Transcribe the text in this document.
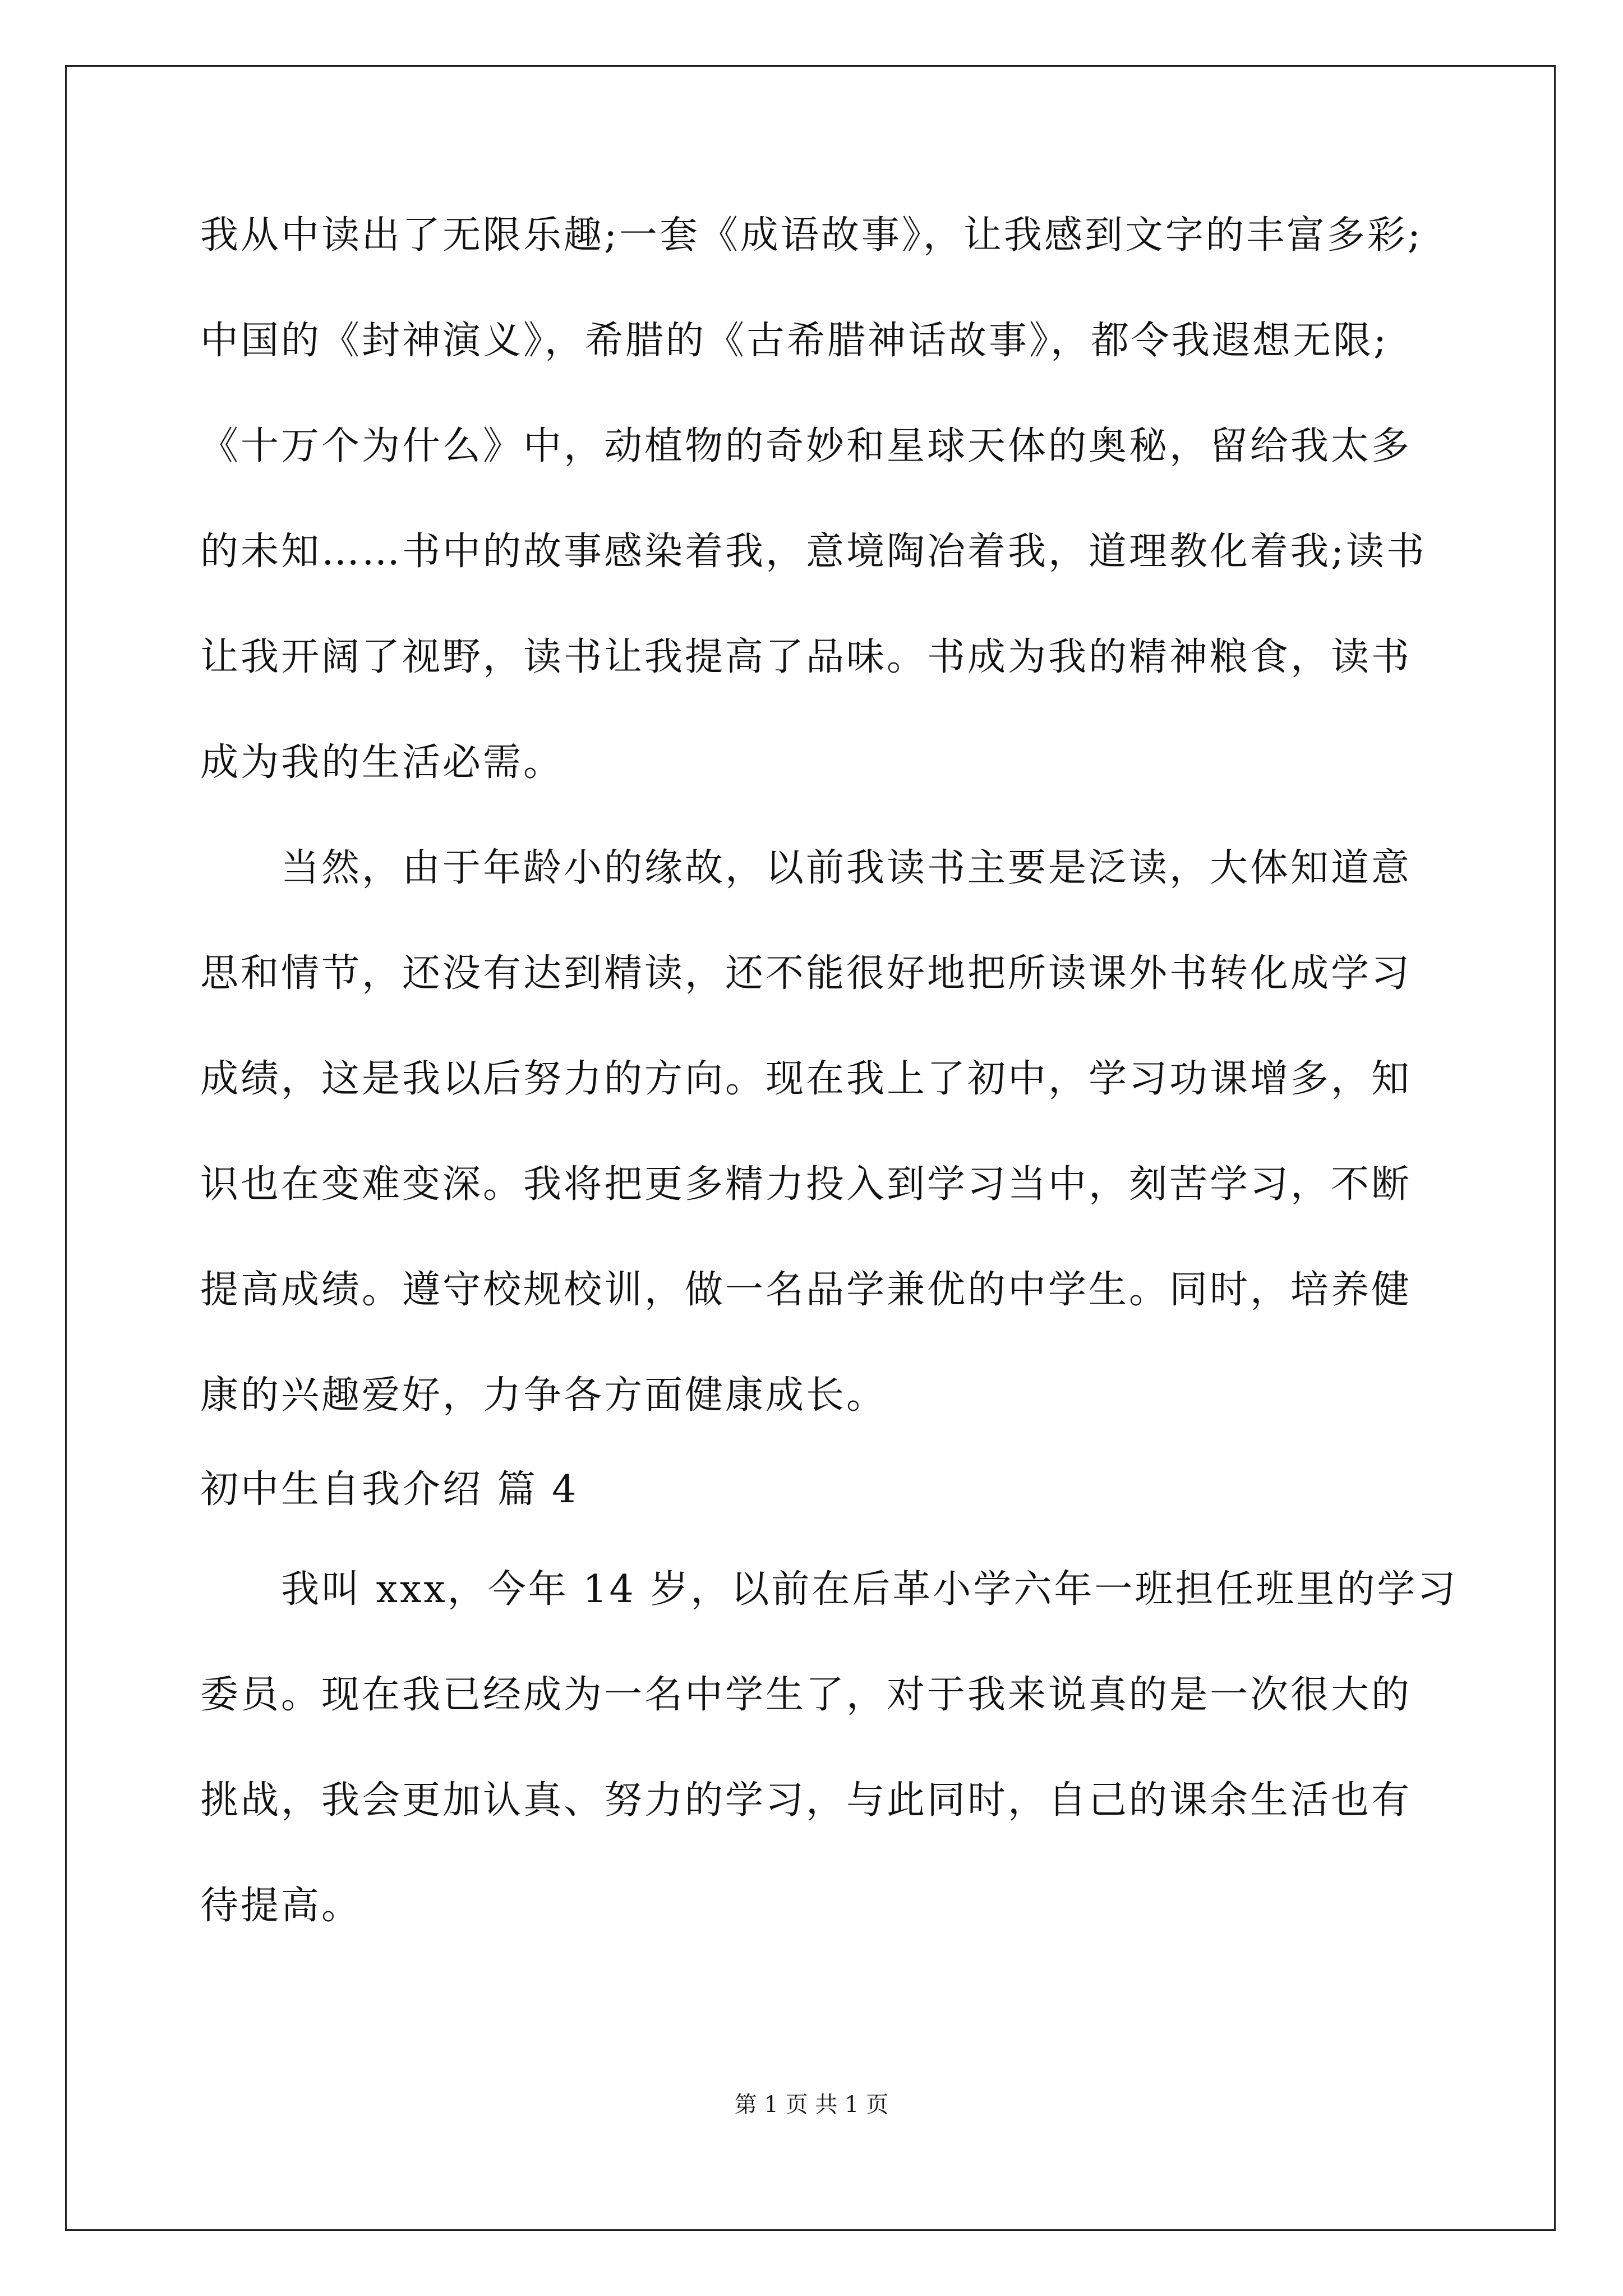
我从中读出了无限乐趣;一套《成语故事》，让我感到文字的丰富多彩;
中国的《封神演义》，希腊的《古希腊神话故事》，都令我遐想无限;
《十万个为什么》中，动植物的奇妙和星球天体的奥秘，留给我太多
的未知……书中的故事感染着我，意境陶冶着我，道理教化着我;读书
让我开阔了视野，读书让我提高了品味。书成为我的精神粮食，读书
成为我的生活必需。
当然，由于年龄小的缘故，以前我读书主要是泛读，大体知道意
思和情节，还没有达到精读，还不能很好地把所读课外书转化成学习
成绩，这是我以后努力的方向。现在我上了初中，学习功课增多，知
识也在变难变深。我将把更多精力投入到学习当中，刻苦学习，不断
提高成绩。遵守校规校训，做一名品学兼优的中学生。同时，培养健
康的兴趣爱好，力争各方面健康成长。
初中生自我介绍 篇 4
我叫 xxx，今年 14 岁，以前在后革小学六年一班担任班里的学习
委员。现在我已经成为一名中学生了，对于我来说真的是一次很大的
挑战，我会更加认真、努力的学习，与此同时，自己的课余生活也有
待提高。
第 1 页 共 1 页
